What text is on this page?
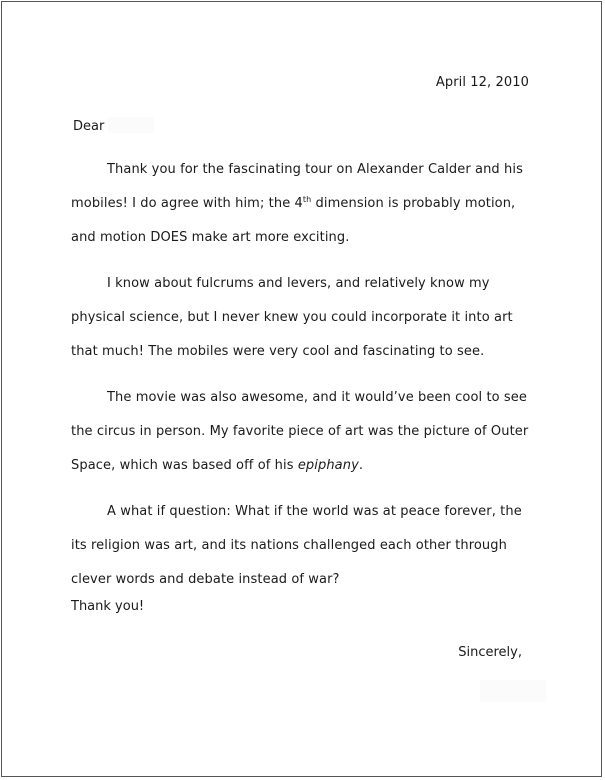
April 12, 2010
Dear

Thank you for the fascinating tour on Alexander Calder and his mobiles! I do agree with him; the 4th dimension is probably motion, and motion DOES make art more exciting.

I know about fulcrums and levers, and relatively know my physical science, but I never knew you could incorporate it into art that much! The mobiles were very cool and fascinating to see.

The movie was also awesome, and it would’ve been cool to see the circus in person. My favorite piece of art was the picture of Outer Space, which was based off of his epiphany.

A what if question: What if the world was at peace forever, the its religion was art, and its nations challenged each other through clever words and debate instead of war?

Thank you!
Sincerely,
